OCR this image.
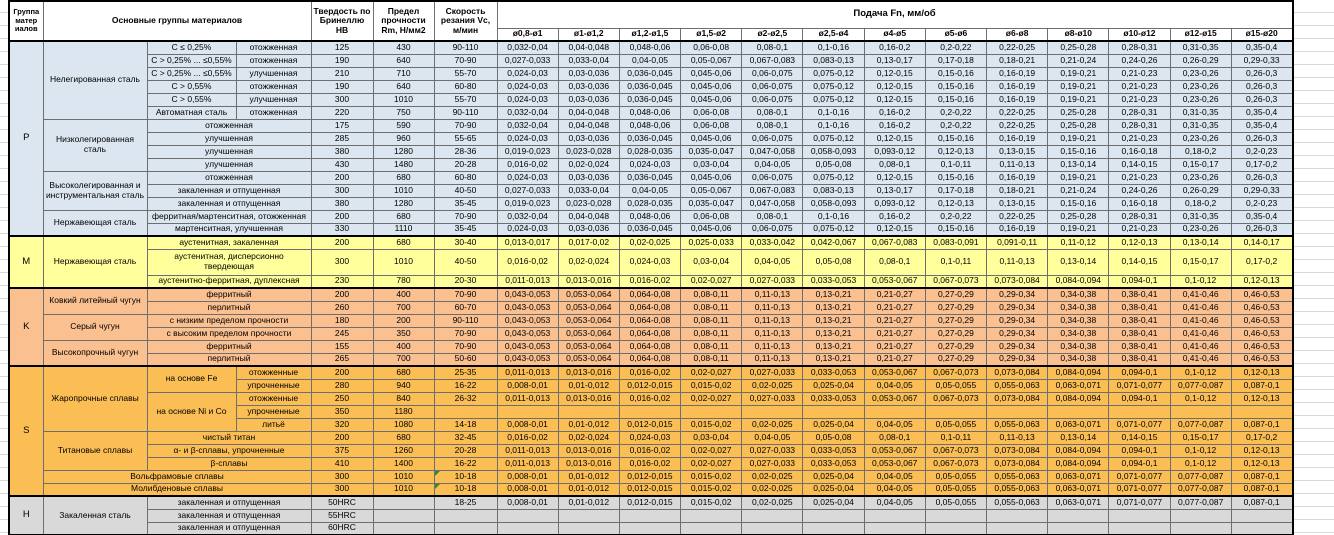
Группа матер иалов	Основные группы материалов			Твердость по Бринеллю HB	Предел прочности Rm, Н/мм2	Скорость резания Vc, м/мин	Подача Fn, мм/об												
							ø0,8-ø1	ø1-ø1,2	ø1,2-ø1,5	ø1,5-ø2	ø2-ø2,5	ø2,5-ø4	ø4-ø5	ø5-ø6	ø6-ø8	ø8-ø10	ø10-ø12	ø12-ø15	ø15-ø20
P	Нелегированная сталь	C ≤ 0,25%	отожженная	125	430	90-110	0,032-0,04	0,04-0,048	0,048-0,06	0,06-0,08	0,08-0,1	0,1-0,16	0,16-0,2	0,2-0,22	0,22-0,25	0,25-0,28	0,28-0,31	0,31-0,35	0,35-0,4
		C > 0,25% ... ≤0,55%	отожженная	190	640	70-90	0,027-0,033	0,033-0,04	0,04-0,05	0,05-0,067	0,067-0,083	0,083-0,13	0,13-0,17	0,17-0,18	0,18-0,21	0,21-0,24	0,24-0,26	0,26-0,29	0,29-0,33
		C > 0,25% ... ≤0,55%	улучшенная	210	710	55-70	0,024-0,03	0,03-0,036	0,036-0,045	0,045-0,06	0,06-0,075	0,075-0,12	0,12-0,15	0,15-0,16	0,16-0,19	0,19-0,21	0,21-0,23	0,23-0,26	0,26-0,3
		C > 0,55%	отожженная	190	640	60-80	0,024-0,03	0,03-0,036	0,036-0,045	0,045-0,06	0,06-0,075	0,075-0,12	0,12-0,15	0,15-0,16	0,16-0,19	0,19-0,21	0,21-0,23	0,23-0,26	0,26-0,3
		C > 0,55%	улучшенная	300	1010	55-70	0,024-0,03	0,03-0,036	0,036-0,045	0,045-0,06	0,06-0,075	0,075-0,12	0,12-0,15	0,15-0,16	0,16-0,19	0,19-0,21	0,21-0,23	0,23-0,26	0,26-0,3
		Автоматная сталь	отожженная	220	750	90-110	0,032-0,04	0,04-0,048	0,048-0,06	0,06-0,08	0,08-0,1	0,1-0,16	0,16-0,2	0,2-0,22	0,22-0,25	0,25-0,28	0,28-0,31	0,31-0,35	0,35-0,4
	Низколегированная сталь	отожженная		175	590	70-90	0,032-0,04	0,04-0,048	0,048-0,06	0,06-0,08	0,08-0,1	0,1-0,16	0,16-0,2	0,2-0,22	0,22-0,25	0,25-0,28	0,28-0,31	0,31-0,35	0,35-0,4
		улучшенная		285	960	55-65	0,024-0,03	0,03-0,036	0,036-0,045	0,045-0,06	0,06-0,075	0,075-0,12	0,12-0,15	0,15-0,16	0,16-0,19	0,19-0,21	0,21-0,23	0,23-0,26	0,26-0,3
		улучшенная		380	1280	28-36	0,019-0,023	0,023-0,028	0,028-0,035	0,035-0,047	0,047-0,058	0,058-0,093	0,093-0,12	0,12-0,13	0,13-0,15	0,15-0,16	0,16-0,18	0,18-0,2	0,2-0,23
		улучшенная		430	1480	20-28	0,016-0,02	0,02-0,024	0,024-0,03	0,03-0,04	0,04-0,05	0,05-0,08	0,08-0,1	0,1-0,11	0,11-0,13	0,13-0,14	0,14-0,15	0,15-0,17	0,17-0,2
	Высоколегированная и инструментальная сталь	отожженная		200	680	60-80	0,024-0,03	0,03-0,036	0,036-0,045	0,045-0,06	0,06-0,075	0,075-0,12	0,12-0,15	0,15-0,16	0,16-0,19	0,19-0,21	0,21-0,23	0,23-0,26	0,26-0,3
		закаленная и отпущенная		300	1010	40-50	0,027-0,033	0,033-0,04	0,04-0,05	0,05-0,067	0,067-0,083	0,083-0,13	0,13-0,17	0,17-0,18	0,18-0,21	0,21-0,24	0,24-0,26	0,26-0,29	0,29-0,33
		закаленная и отпущенная		380	1280	35-45	0,019-0,023	0,023-0,028	0,028-0,035	0,035-0,047	0,047-0,058	0,058-0,093	0,093-0,12	0,12-0,13	0,13-0,15	0,15-0,16	0,16-0,18	0,18-0,2	0,2-0,23
	Нержавеющая сталь	ферритная/мартенситная, отожженная		200	680	70-90	0,032-0,04	0,04-0,048	0,048-0,06	0,06-0,08	0,08-0,1	0,1-0,16	0,16-0,2	0,2-0,22	0,22-0,25	0,25-0,28	0,28-0,31	0,31-0,35	0,35-0,4
		мартенситная, улучшенная		330	1110	35-45	0,024-0,03	0,03-0,036	0,036-0,045	0,045-0,06	0,06-0,075	0,075-0,12	0,12-0,15	0,15-0,16	0,16-0,19	0,19-0,21	0,21-0,23	0,23-0,26	0,26-0,3
M	Нержавеющая сталь	аустенитная, закаленная		200	680	30-40	0,013-0,017	0,017-0,02	0,02-0,025	0,025-0,033	0,033-0,042	0,042-0,067	0,067-0,083	0,083-0,091	0,091-0,11	0,11-0,12	0,12-0,13	0,13-0,14	0,14-0,17
		аустенитная, дисперсионно твердеющая		300	1010	40-50	0,016-0,02	0,02-0,024	0,024-0,03	0,03-0,04	0,04-0,05	0,05-0,08	0,08-0,1	0,1-0,11	0,11-0,13	0,13-0,14	0,14-0,15	0,15-0,17	0,17-0,2
		аустенитно-ферритная, дуплексная		230	780	20-30	0,011-0,013	0,013-0,016	0,016-0,02	0,02-0,027	0,027-0,033	0,033-0,053	0,053-0,067	0,067-0,073	0,073-0,084	0,084-0,094	0,094-0,1	0,1-0,12	0,12-0,13
K	Ковкий литейный чугун	ферритный		200	400	70-90	0,043-0,053	0,053-0,064	0,064-0,08	0,08-0,11	0,11-0,13	0,13-0,21	0,21-0,27	0,27-0,29	0,29-0,34	0,34-0,38	0,38-0,41	0,41-0,46	0,46-0,53
		перлитный		260	700	60-70	0,043-0,053	0,053-0,064	0,064-0,08	0,08-0,11	0,11-0,13	0,13-0,21	0,21-0,27	0,27-0,29	0,29-0,34	0,34-0,38	0,38-0,41	0,41-0,46	0,46-0,53
	Серый чугун	с низким пределом прочности		180	200	90-110	0,043-0,053	0,053-0,064	0,064-0,08	0,08-0,11	0,11-0,13	0,13-0,21	0,21-0,27	0,27-0,29	0,29-0,34	0,34-0,38	0,38-0,41	0,41-0,46	0,46-0,53
		с высоким пределом прочности		245	350	70-90	0,043-0,053	0,053-0,064	0,064-0,08	0,08-0,11	0,11-0,13	0,13-0,21	0,21-0,27	0,27-0,29	0,29-0,34	0,34-0,38	0,38-0,41	0,41-0,46	0,46-0,53
	Высокопрочный чугун	ферритный		155	400	70-90	0,043-0,053	0,053-0,064	0,064-0,08	0,08-0,11	0,11-0,13	0,13-0,21	0,21-0,27	0,27-0,29	0,29-0,34	0,34-0,38	0,38-0,41	0,41-0,46	0,46-0,53
		перлитный		265	700	50-60	0,043-0,053	0,053-0,064	0,064-0,08	0,08-0,11	0,11-0,13	0,13-0,21	0,21-0,27	0,27-0,29	0,29-0,34	0,34-0,38	0,38-0,41	0,41-0,46	0,46-0,53
S	Жаропрочные сплавы	на основе Fe	отожженные	200	680	25-35	0,011-0,013	0,013-0,016	0,016-0,02	0,02-0,027	0,027-0,033	0,033-0,053	0,053-0,067	0,067-0,073	0,073-0,084	0,084-0,094	0,094-0,1	0,1-0,12	0,12-0,13
			упрочненные	280	940	16-22	0,008-0,01	0,01-0,012	0,012-0,015	0,015-0,02	0,02-0,025	0,025-0,04	0,04-0,05	0,05-0,055	0,055-0,063	0,063-0,071	0,071-0,077	0,077-0,087	0,087-0,1
		на основе Ni и Co	отожженные	250	840	26-32	0,011-0,013	0,013-0,016	0,016-0,02	0,02-0,027	0,027-0,033	0,033-0,053	0,053-0,067	0,067-0,073	0,073-0,084	0,084-0,094	0,094-0,1	0,1-0,12	0,12-0,13
			упрочненные	350	1180														
			литьё	320	1080	14-18	0,008-0,01	0,01-0,012	0,012-0,015	0,015-0,02	0,02-0,025	0,025-0,04	0,04-0,05	0,05-0,055	0,055-0,063	0,063-0,071	0,071-0,077	0,077-0,087	0,087-0,1
	Титановые сплавы	чистый титан		200	680	32-45	0,016-0,02	0,02-0,024	0,024-0,03	0,03-0,04	0,04-0,05	0,05-0,08	0,08-0,1	0,1-0,11	0,11-0,13	0,13-0,14	0,14-0,15	0,15-0,17	0,17-0,2
		α- и β-сплавы, упрочненные		375	1260	20-28	0,011-0,013	0,013-0,016	0,016-0,02	0,02-0,027	0,027-0,033	0,033-0,053	0,053-0,067	0,067-0,073	0,073-0,084	0,084-0,094	0,094-0,1	0,1-0,12	0,12-0,13
		β-сплавы		410	1400	16-22	0,011-0,013	0,013-0,016	0,016-0,02	0,02-0,027	0,027-0,033	0,033-0,053	0,053-0,067	0,067-0,073	0,073-0,084	0,084-0,094	0,094-0,1	0,1-0,12	0,12-0,13
	Вольфрамовые сплавы			300	1010	10-18	0,008-0,01	0,01-0,012	0,012-0,015	0,015-0,02	0,02-0,025	0,025-0,04	0,04-0,05	0,05-0,055	0,055-0,063	0,063-0,071	0,071-0,077	0,077-0,087	0,087-0,1
	Молибденовые сплавы			300	1010	10-18	0,008-0,01	0,01-0,012	0,012-0,015	0,015-0,02	0,02-0,025	0,025-0,04	0,04-0,05	0,05-0,055	0,055-0,063	0,063-0,071	0,071-0,077	0,077-0,087	0,087-0,1
H	Закаленная сталь	закаленная и отпущенная		50HRC		18-25	0,008-0,01	0,01-0,012	0,012-0,015	0,015-0,02	0,02-0,025	0,025-0,04	0,04-0,05	0,05-0,055	0,055-0,063	0,063-0,071	0,071-0,077	0,077-0,087	0,087-0,1
		закаленная и отпущенная		55HRC															
		закаленная и отпущенная		60HRC															
